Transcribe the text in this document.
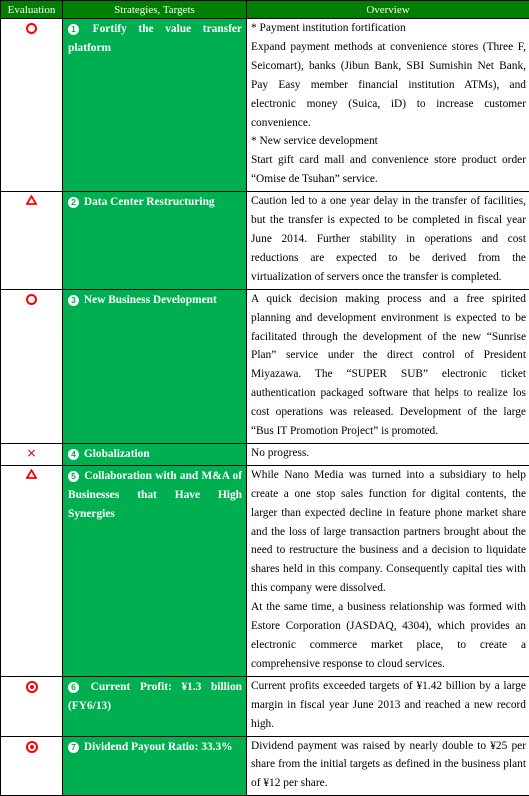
Evaluation	Strategies, Targets	Overview
	1 Fortify the value transfer platform	* Payment institution fortification

Expand payment methods at convenience stores (Three F, Seicomart), banks (Jibun Bank, SBI Sumishin Net Bank, Pay Easy member financial institution ATMs), and electronic money (Suica, iD) to increase customer convenience.

* New service development

Start gift card mall and convenience store product order “Omise de Tsuhan” service.

	2 Data Center Restructuring	Caution led to a one year delay in the transfer of facilities, but the transfer is expected to be completed in fiscal year June 2014. Further stability in operations and cost reductions are expected to be derived from the virtualization of servers once the transfer is completed.

	3 New Business Development	A quick decision making process and a free spirited planning and development environment is expected to be facilitated through the development of the new “Sunrise Plan” service under the direct control of President Miyazawa. The “SUPER SUB” electronic ticket authentication packaged software that helps to realize los cost operations was released. Development of the large “Bus IT Promotion Project” is promoted.

×	4 Globalization	No progress.

	5 Collaboration with and M&A of Businesses that Have High Synergies	While Nano Media was turned into a subsidiary to help create a one stop sales function for digital contents, the larger than expected decline in feature phone market share and the loss of large transaction partners brought about the need to restructure the business and a decision to liquidate shares held in this company. Consequently capital ties with this company were dissolved.

At the same time, a business relationship was formed with Estore Corporation (JASDAQ, 4304), which provides an electronic commerce market place, to create a comprehensive response to cloud services.

	6 Current Profit: ¥1.3 billion (FY6/13)	Current profits exceeded targets of ¥1.42 billion by a large margin in fiscal year June 2013 and reached a new record high.

	7 Dividend Payout Ratio: 33.3%	Dividend payment was raised by nearly double to ¥25 per share from the initial targets as defined in the business plant of ¥12 per share.
